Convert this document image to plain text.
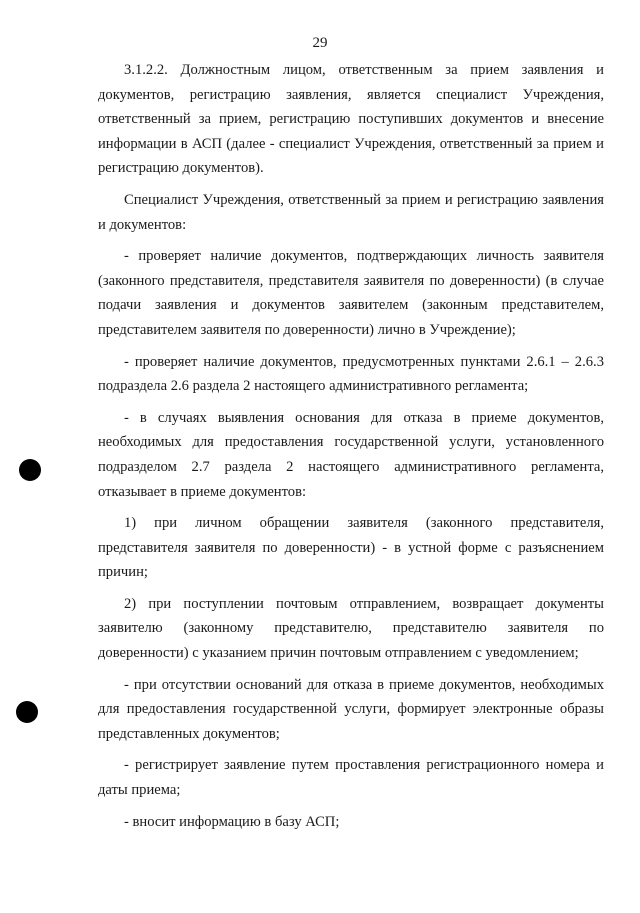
29

3.1.2.2. Должностным лицом, ответственным за прием заявления и документов, регистрацию заявления, является специалист Учреждения, ответственный за прием, регистрацию поступивших документов и внесение информации в АСП (далее - специалист Учреждения, ответственный за прием и регистрацию документов).

Специалист Учреждения, ответственный за прием и регистрацию заявления и документов:

- проверяет наличие документов, подтверждающих личность заявителя (законного представителя, представителя заявителя по доверенности) (в случае подачи заявления и документов заявителем (законным представителем, представителем заявителя по доверенности) лично в Учреждение);

- проверяет наличие документов, предусмотренных пунктами 2.6.1 – 2.6.3 подраздела 2.6 раздела 2 настоящего административного регламента;

- в случаях выявления основания для отказа в приеме документов, необходимых для предоставления государственной услуги, установленного подразделом 2.7 раздела 2 настоящего административного регламента, отказывает в приеме документов:

1) при личном обращении заявителя (законного представителя, представителя заявителя по доверенности) - в устной форме с разъяснением причин;

2) при поступлении почтовым отправлением, возвращает документы заявителю (законному представителю, представителю заявителя по доверенности) с указанием причин почтовым отправлением с уведомлением;

- при отсутствии оснований для отказа в приеме документов, необходимых для предоставления государственной услуги, формирует электронные образы представленных документов;

- регистрирует заявление путем проставления регистрационного номера и даты приема;

- вносит информацию в базу АСП;
